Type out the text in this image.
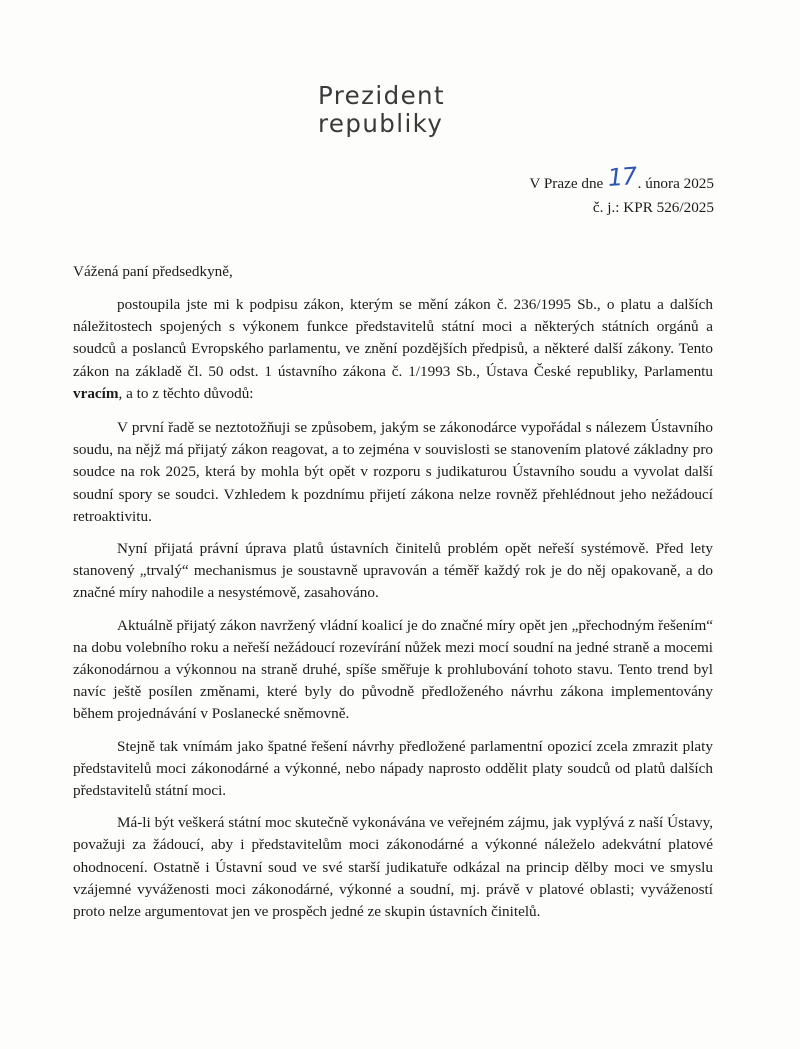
Prezident
republiky
V Praze dne 17. února 2025
č. j.: KPR 526/2025
Vážená paní předsedkyně,

postoupila jste mi k podpisu zákon, kterým se mění zákon č. 236/1995 Sb., o platu a dalších náležitostech spojených s výkonem funkce představitelů státní moci a některých státních orgánů a soudců a poslanců Evropského parlamentu, ve znění pozdějších předpisů, a některé další zákony. Tento zákon na základě čl. 50 odst. 1 ústavního zákona č. 1/1993 Sb., Ústava České republiky, Parlamentu vracím, a to z těchto důvodů:

V první řadě se neztotožňuji se způsobem, jakým se zákonodárce vypořádal s nálezem Ústavního soudu, na nějž má přijatý zákon reagovat, a to zejména v souvislosti se stanovením platové základny pro soudce na rok 2025, která by mohla být opět v rozporu s judikaturou Ústavního soudu a vyvolat další soudní spory se soudci. Vzhledem k pozdnímu přijetí zákona nelze rovněž přehlédnout jeho nežádoucí retroaktivitu.

Nyní přijatá právní úprava platů ústavních činitelů problém opět neřeší systémově. Před lety stanovený „trvalý“ mechanismus je soustavně upravován a téměř každý rok je do něj opakovaně, a do značné míry nahodile a nesystémově, zasahováno.

Aktuálně přijatý zákon navržený vládní koalicí je do značné míry opět jen „přechodným řešením“ na dobu volebního roku a neřeší nežádoucí rozevírání nůžek mezi mocí soudní na jedné straně a mocemi zákonodárnou a výkonnou na straně druhé, spíše směřuje k prohlubování tohoto stavu. Tento trend byl navíc ještě posílen změnami, které byly do původně předloženého návrhu zákona implementovány během projednávání v Poslanecké sněmovně.

Stejně tak vnímám jako špatné řešení návrhy předložené parlamentní opozicí zcela zmrazit platy představitelů moci zákonodárné a výkonné, nebo nápady naprosto oddělit platy soudců od platů dalších představitelů státní moci.

Má-li být veškerá státní moc skutečně vykonávána ve veřejném zájmu, jak vyplývá z naší Ústavy, považuji za žádoucí, aby i představitelům moci zákonodárné a výkonné náleželo adekvátní platové ohodnocení. Ostatně i Ústavní soud ve své starší judikatuře odkázal na princip dělby moci ve smyslu vzájemné vyváženosti moci zákonodárné, výkonné a soudní, mj. právě v platové oblasti; vyvážeností proto nelze argumentovat jen ve prospěch jedné ze skupin ústavních činitelů.
